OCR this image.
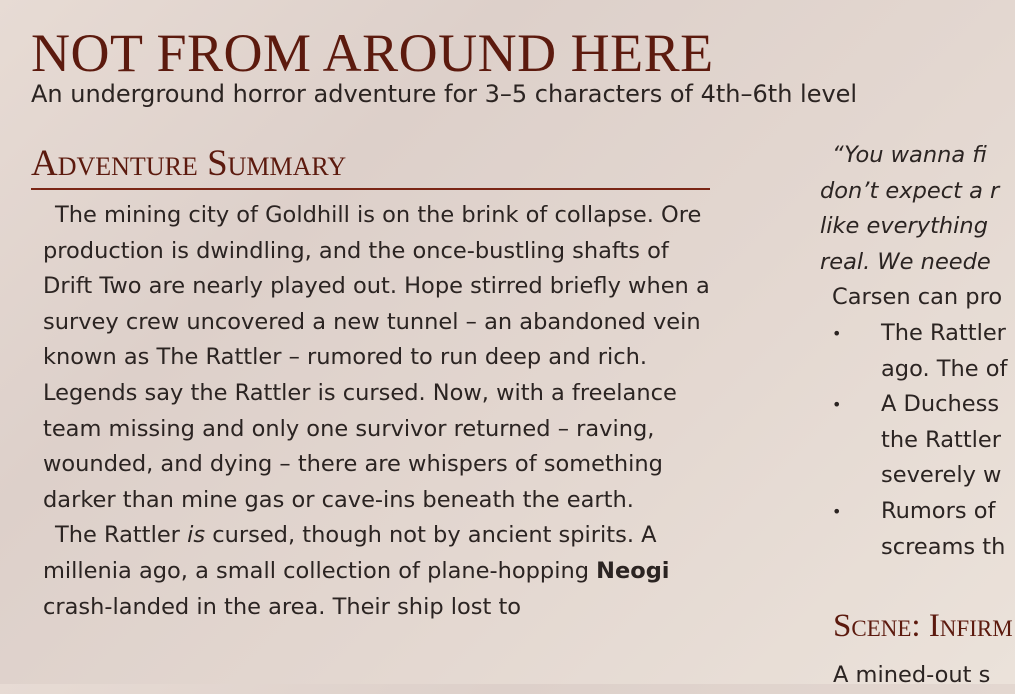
NOT FROM AROUND HERE
An underground horror adventure for 3–5 characters of 4th–6th level
Adventure Summary

The mining city of Goldhill is on the brink of collapse. Ore production is dwindling, and the once-bustling shafts of Drift Two are nearly played out. Hope stirred briefly when a survey crew uncovered a new tunnel – an abandoned vein known as The Rattler – rumored to run deep and rich. Legends say the Rattler is cursed. Now, with a freelance team missing and only one survivor returned – raving, wounded, and dying – there are whispers of something darker than mine gas or cave-ins beneath the earth.

The Rattler is cursed, though not by ancient spirits. A millenia ago, a small collection of plane-hopping Neogi crash-landed in the area. Their ship lost to

“You wanna fi
don’t expect a r
like everything
real. We neede
Carsen can pro
• The Rattler
ago. The of
• A Duchess
the Rattler
severely w
• Rumors of
screams th
Scene: Infirm
A mined-out s
